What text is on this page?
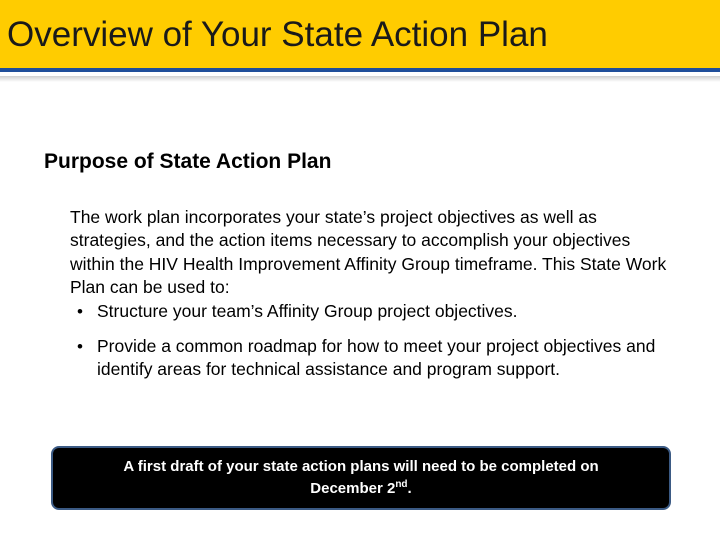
Overview of Your State Action Plan
Purpose of State Action Plan

The work plan incorporates your state’s project objectives as well as strategies, and the action items necessary to accomplish your objectives within the HIV Health Improvement Affinity Group timeframe. This State Work Plan can be used to:

• Structure your team’s Affinity Group project objectives.
• Provide a common roadmap for how to meet your project objectives and identify areas for technical assistance and program support.
A first draft of your state action plans will need to be completed on
December 2nd.
